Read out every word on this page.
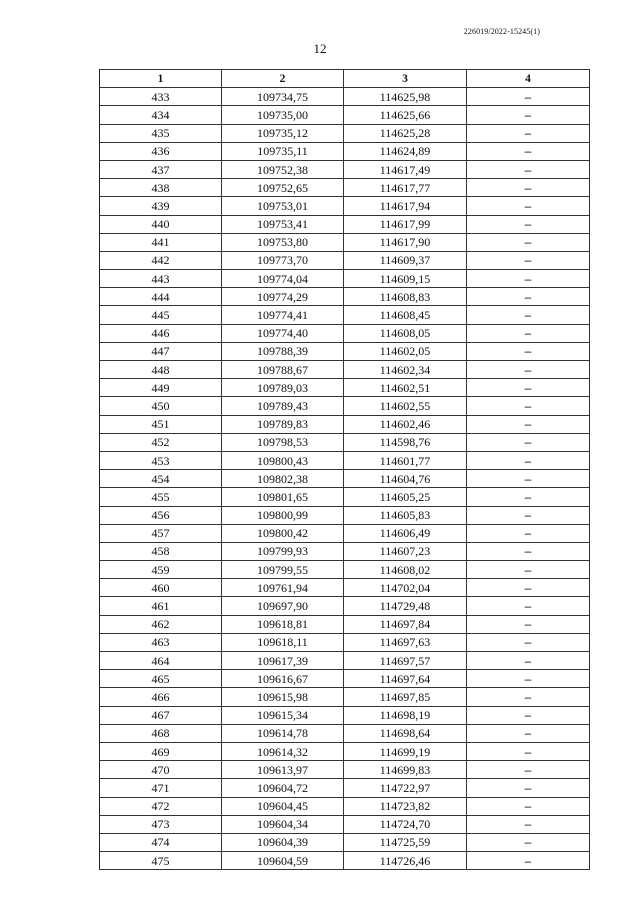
226019/2022-15245(1)
12
1	2	3	4
433	109734,75	114625,98	–
434	109735,00	114625,66	–
435	109735,12	114625,28	–
436	109735,11	114624,89	–
437	109752,38	114617,49	–
438	109752,65	114617,77	–
439	109753,01	114617,94	–
440	109753,41	114617,99	–
441	109753,80	114617,90	–
442	109773,70	114609,37	–
443	109774,04	114609,15	–
444	109774,29	114608,83	–
445	109774,41	114608,45	–
446	109774,40	114608,05	–
447	109788,39	114602,05	–
448	109788,67	114602,34	–
449	109789,03	114602,51	–
450	109789,43	114602,55	–
451	109789,83	114602,46	–
452	109798,53	114598,76	–
453	109800,43	114601,77	–
454	109802,38	114604,76	–
455	109801,65	114605,25	–
456	109800,99	114605,83	–
457	109800,42	114606,49	–
458	109799,93	114607,23	–
459	109799,55	114608,02	–
460	109761,94	114702,04	–
461	109697,90	114729,48	–
462	109618,81	114697,84	–
463	109618,11	114697,63	–
464	109617,39	114697,57	–
465	109616,67	114697,64	–
466	109615,98	114697,85	–
467	109615,34	114698,19	–
468	109614,78	114698,64	–
469	109614,32	114699,19	–
470	109613,97	114699,83	–
471	109604,72	114722,97	–
472	109604,45	114723,82	–
473	109604,34	114724,70	–
474	109604,39	114725,59	–
475	109604,59	114726,46	–
